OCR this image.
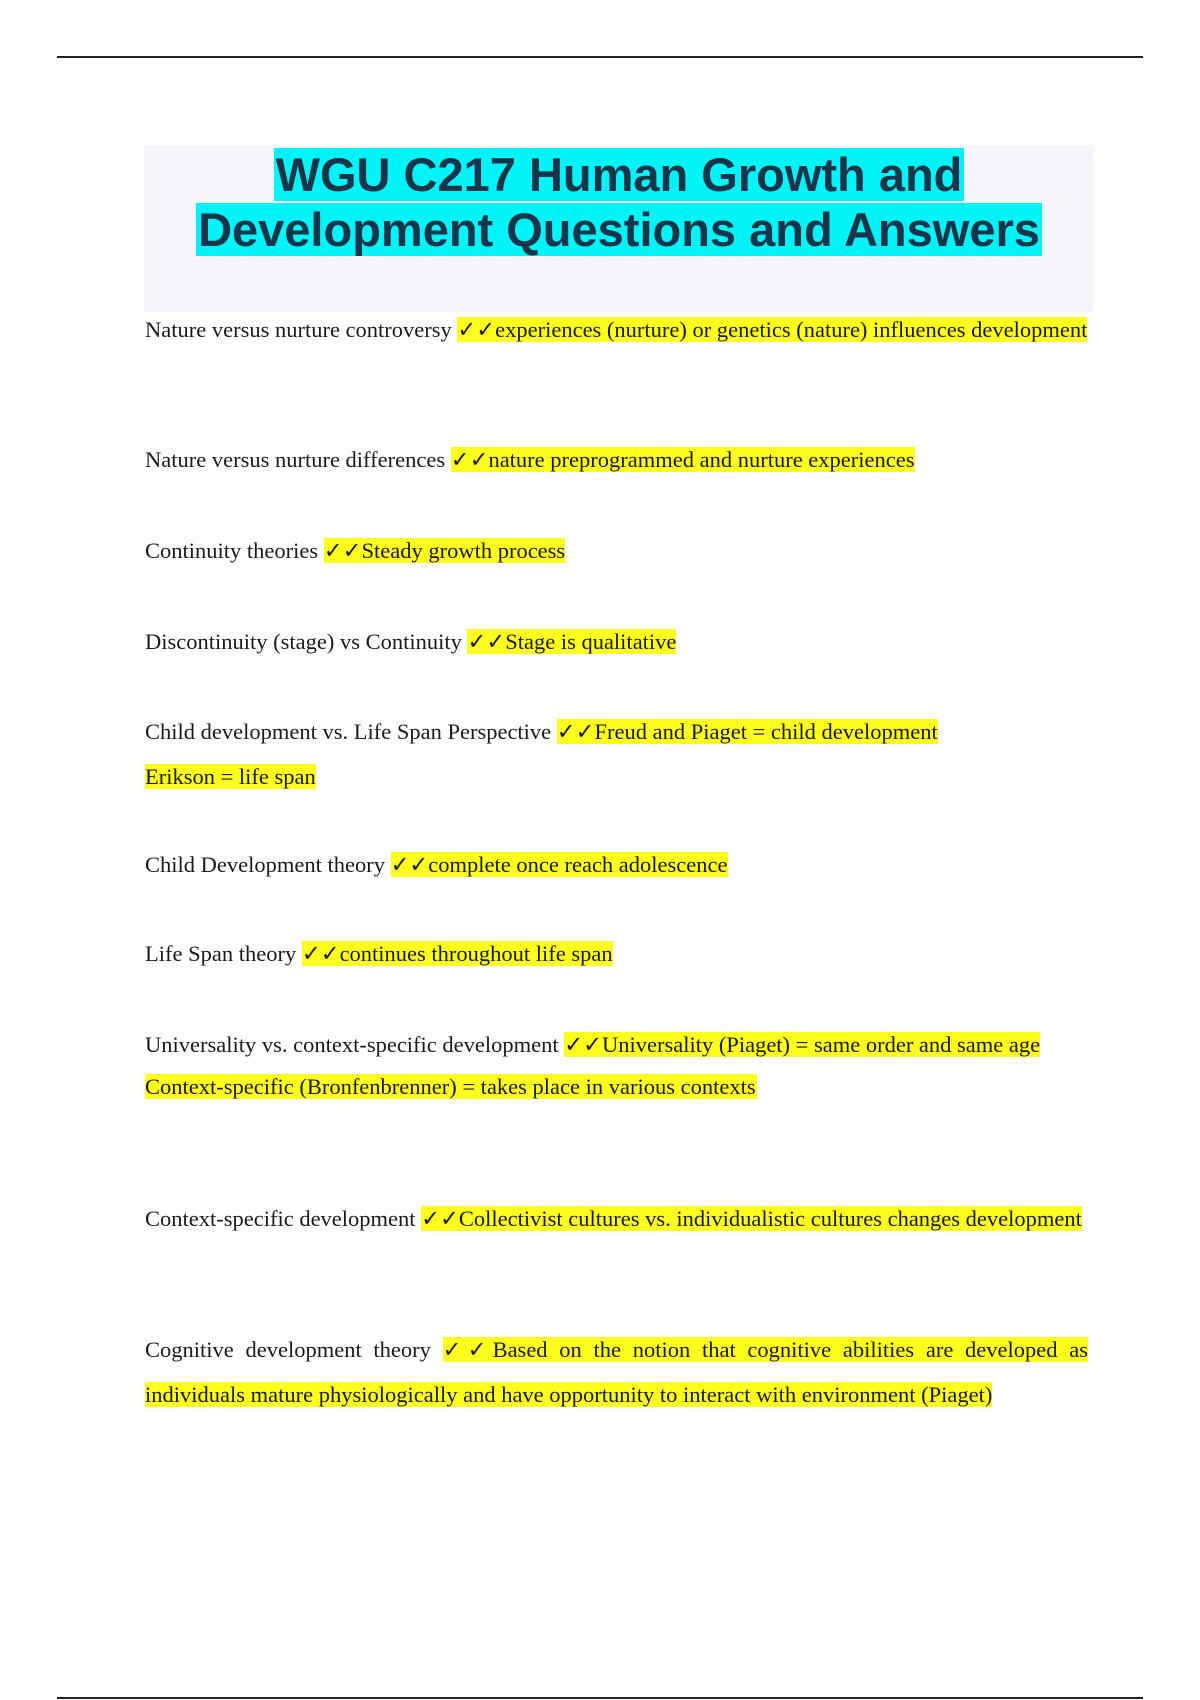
WGU C217 Human Growth and
Development Questions and Answers

Nature versus nurture controversy ✓✓experiences (nurture) or genetics (nature) influences development

Nature versus nurture differences ✓✓nature preprogrammed and nurture experiences

Continuity theories ✓✓Steady growth process

Discontinuity (stage) vs Continuity ✓✓Stage is qualitative

Child development vs. Life Span Perspective ✓✓Freud and Piaget = child development
Erikson = life span

Child Development theory ✓✓complete once reach adolescence

Life Span theory ✓✓continues throughout life span

Universality vs. context-specific development ✓✓Universality (Piaget) = same order and same age
Context-specific (Bronfenbrenner) = takes place in various contexts

Context-specific development ✓✓Collectivist cultures vs. individualistic cultures changes development

Cognitive development theory ✓✓Based on the notion that cognitive abilities are developed as individuals mature physiologically and have opportunity to interact with environment (Piaget)
